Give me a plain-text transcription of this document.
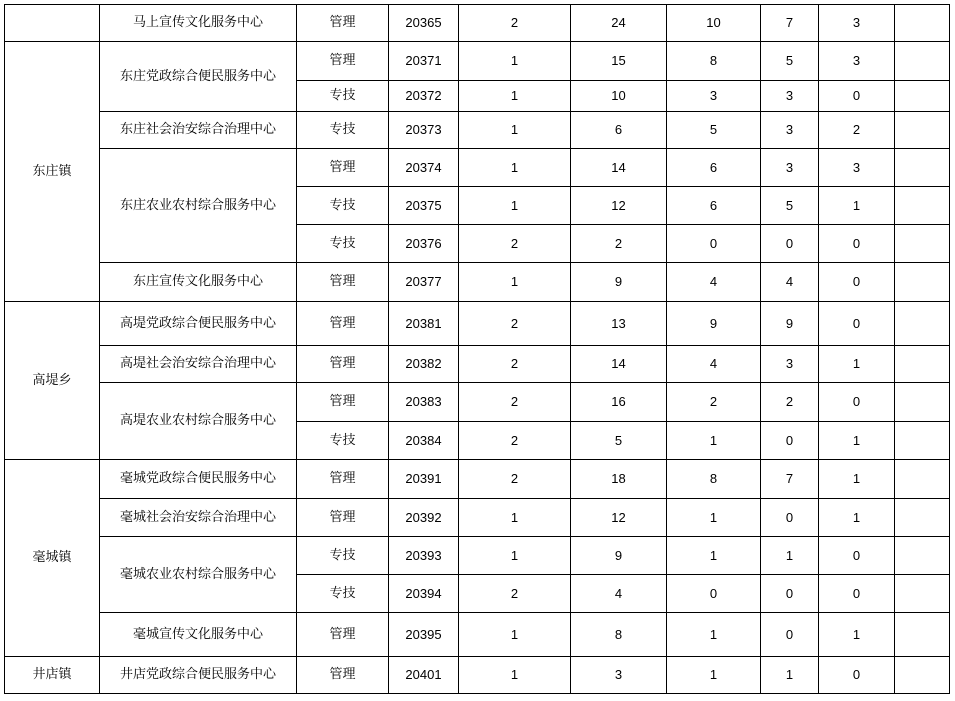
	马上宣传文化服务中心	管理	20365	2	24	10	7	3	
东庄镇	东庄党政综合便民服务中心	管理	20371	1	15	8	5	3	
		专技	20372	1	10	3	3	0	
	东庄社会治安综合治理中心	专技	20373	1	6	5	3	2	
	东庄农业农村综合服务中心	管理	20374	1	14	6	3	3	
		专技	20375	1	12	6	5	1	
		专技	20376	2	2	0	0	0	
	东庄宣传文化服务中心	管理	20377	1	9	4	4	0	
高堤乡	高堤党政综合便民服务中心	管理	20381	2	13	9	9	0	
	高堤社会治安综合治理中心	管理	20382	2	14	4	3	1	
	高堤农业农村综合服务中心	管理	20383	2	16	2	2	0	
		专技	20384	2	5	1	0	1	
毫城镇	毫城党政综合便民服务中心	管理	20391	2	18	8	7	1	
	毫城社会治安综合治理中心	管理	20392	1	12	1	0	1	
	毫城农业农村综合服务中心	专技	20393	1	9	1	1	0	
		专技	20394	2	4	0	0	0	
	毫城宣传文化服务中心	管理	20395	1	8	1	0	1	
井店镇	井店党政综合便民服务中心	管理	20401	1	3	1	1	0	
